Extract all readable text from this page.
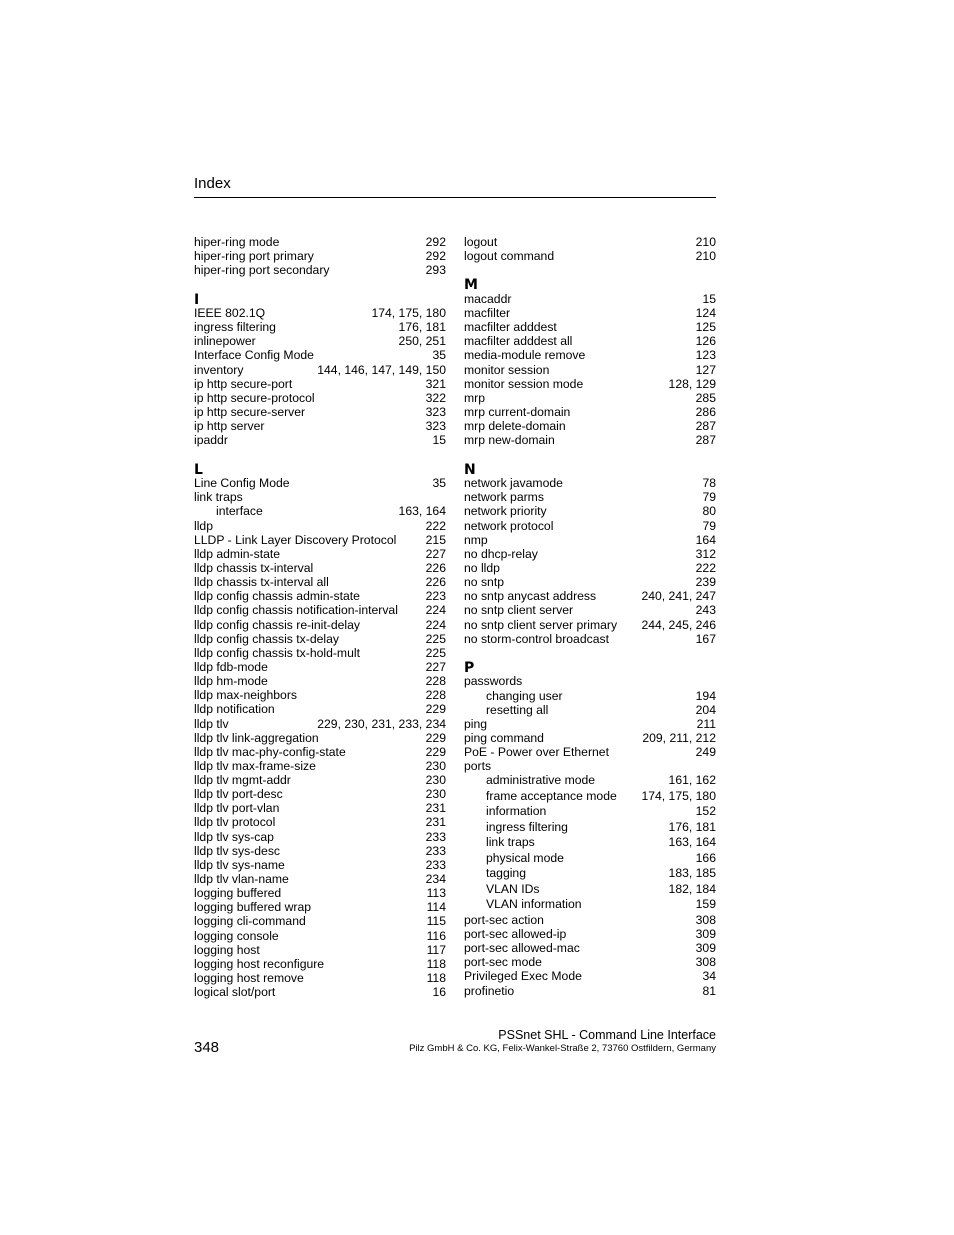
Index
hiper-ring mode	292
hiper-ring port primary	292
hiper-ring port secondary	293
I
IEEE 802.1Q	174, 175, 180
ingress filtering	176, 181
inlinepower	250, 251
Interface Config Mode	35
inventory	144, 146, 147, 149, 150
ip http secure-port	321
ip http secure-protocol	322
ip http secure-server	323
ip http server	323
ipaddr	15
L
Line Config Mode	35
link traps
interface	163, 164
lldp	222
LLDP - Link Layer Discovery Protocol 215
lldp admin-state	227
lldp chassis tx-interval	226
lldp chassis tx-interval all	226
lldp config chassis admin-state	223
lldp config chassis notification-interval 224
lldp config chassis re-init-delay	224
lldp config chassis tx-delay	225
lldp config chassis tx-hold-mult	225
lldp fdb-mode	227
lldp hm-mode	228
lldp max-neighbors	228
lldp notification	229
lldp tlv	229, 230, 231, 233, 234
lldp tlv link-aggregation	229
lldp tlv mac-phy-config-state	229
lldp tlv max-frame-size	230
lldp tlv mgmt-addr	230
lldp tlv port-desc	230
lldp tlv port-vlan	231
lldp tlv protocol	231
lldp tlv sys-cap	233
lldp tlv sys-desc	233
lldp tlv sys-name	233
lldp tlv vlan-name	234
logging buffered	113
logging buffered wrap	114
logging cli-command	115
logging console	116
logging host	117
logging host reconfigure	118
logging host remove	118
logical slot/port	16
logout	210
logout command	210
M
macaddr	15
macfilter	124
macfilter adddest	125
macfilter adddest all	126
media-module remove	123
monitor session	127
monitor session mode	128, 129
mrp	285
mrp current-domain	286
mrp delete-domain	287
mrp new-domain	287
N
network javamode	78
network parms	79
network priority	80
network protocol	79
nmp	164
no dhcp-relay	312
no lldp	222
no sntp	239
no sntp anycast address	240, 241, 247
no sntp client server	243
no sntp client server primary 244, 245, 246
no storm-control broadcast	167
P
passwords
changing user	194
resetting all	204
ping	211
ping command	209, 211, 212
PoE - Power over Ethernet	249
ports
administrative mode	161, 162
frame acceptance mode 174, 175, 180
information	152
ingress filtering	176, 181
link traps	163, 164
physical mode	166
tagging	183, 185
VLAN IDs	182, 184
VLAN information	159
port-sec action	308
port-sec allowed-ip	309
port-sec allowed-mac	309
port-sec mode	308
Privileged Exec Mode	34
profinetio	81
348
PSSnet SHL - Command Line Interface
Pilz GmbH & Co. KG, Felix-Wankel-Straße 2, 73760 Ostfildern, Germany
